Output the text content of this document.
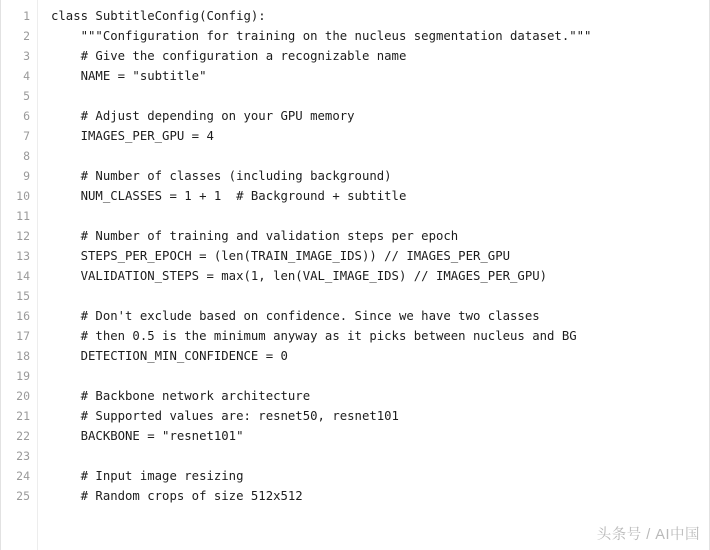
1
2
3
4
5
6
7
8
9
10
11
12
13
14
15
16
17
18
19
20
21
22
23
24
25
class SubtitleConfig(Config):
"""Configuration for training on the nucleus segmentation dataset."""
# Give the configuration a recognizable name
NAME = "subtitle"
# Adjust depending on your GPU memory
IMAGES_PER_GPU = 4
# Number of classes (including background)
NUM_CLASSES = 1 + 1  # Background + subtitle
# Number of training and validation steps per epoch
STEPS_PER_EPOCH = (len(TRAIN_IMAGE_IDS)) // IMAGES_PER_GPU
VALIDATION_STEPS = max(1, len(VAL_IMAGE_IDS) // IMAGES_PER_GPU)
# Don't exclude based on confidence. Since we have two classes
# then 0.5 is the minimum anyway as it picks between nucleus and BG
DETECTION_MIN_CONFIDENCE = 0
# Backbone network architecture
# Supported values are: resnet50, resnet101
BACKBONE = "resnet101"
# Input image resizing
# Random crops of size 512x512
头条号 / AI中国
